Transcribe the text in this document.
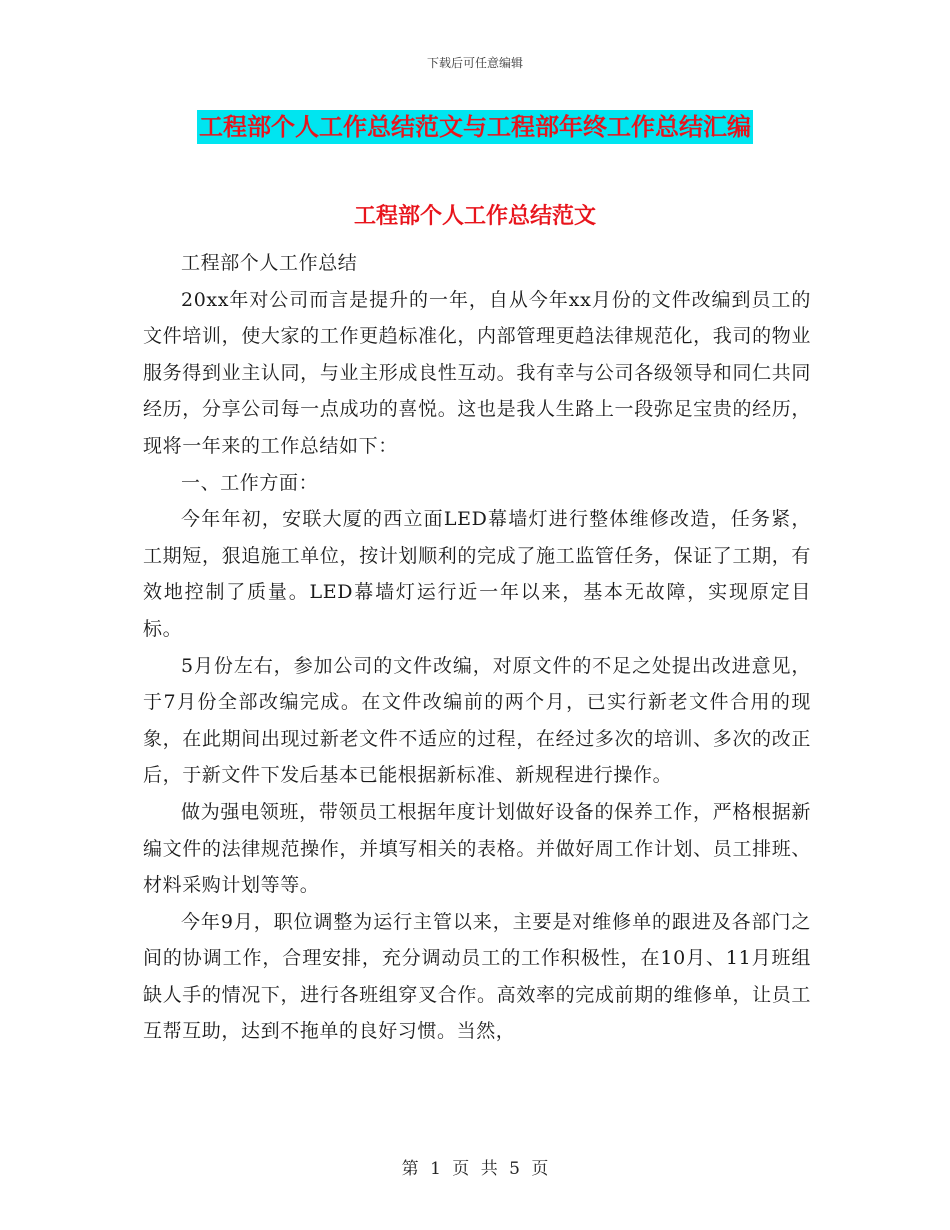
下载后可任意编辑
工程部个人工作总结范文与工程部年终工作总结汇编
工程部个人工作总结范文

工程部个人工作总结

20xx年对公司而言是提升的一年，自从今年xx月份的文件改编到员工的文件培训，使大家的工作更趋标准化，内部管理更趋法律规范化，我司的物业服务得到业主认同，与业主形成良性互动。我有幸与公司各级领导和同仁共同经历，分享公司每一点成功的喜悦。这也是我人生路上一段弥足宝贵的经历，现将一年来的工作总结如下：

一、工作方面：

今年年初，安联大厦的西立面LED幕墙灯进行整体维修改造，任务紧，工期短，狠追施工单位，按计划顺利的完成了施工监管任务，保证了工期，有效地控制了质量。LED幕墙灯运行近一年以来，基本无故障，实现原定目标。

5月份左右，参加公司的文件改编，对原文件的不足之处提出改进意见，于7月份全部改编完成。在文件改编前的两个月，已实行新老文件合用的现象，在此期间出现过新老文件不适应的过程，在经过多次的培训、多次的改正后，于新文件下发后基本已能根据新标准、新规程进行操作。

做为强电领班，带领员工根据年度计划做好设备的保养工作，严格根据新编文件的法律规范操作，并填写相关的表格。并做好周工作计划、员工排班、材料采购计划等等。

今年9月，职位调整为运行主管以来，主要是对维修单的跟进及各部门之间的协调工作，合理安排，充分调动员工的工作积极性，在10月、11月班组缺人手的情况下，进行各班组穿叉合作。高效率的完成前期的维修单，让员工互帮互助，达到不拖单的良好习惯。当然，

第 1 页 共 5 页
